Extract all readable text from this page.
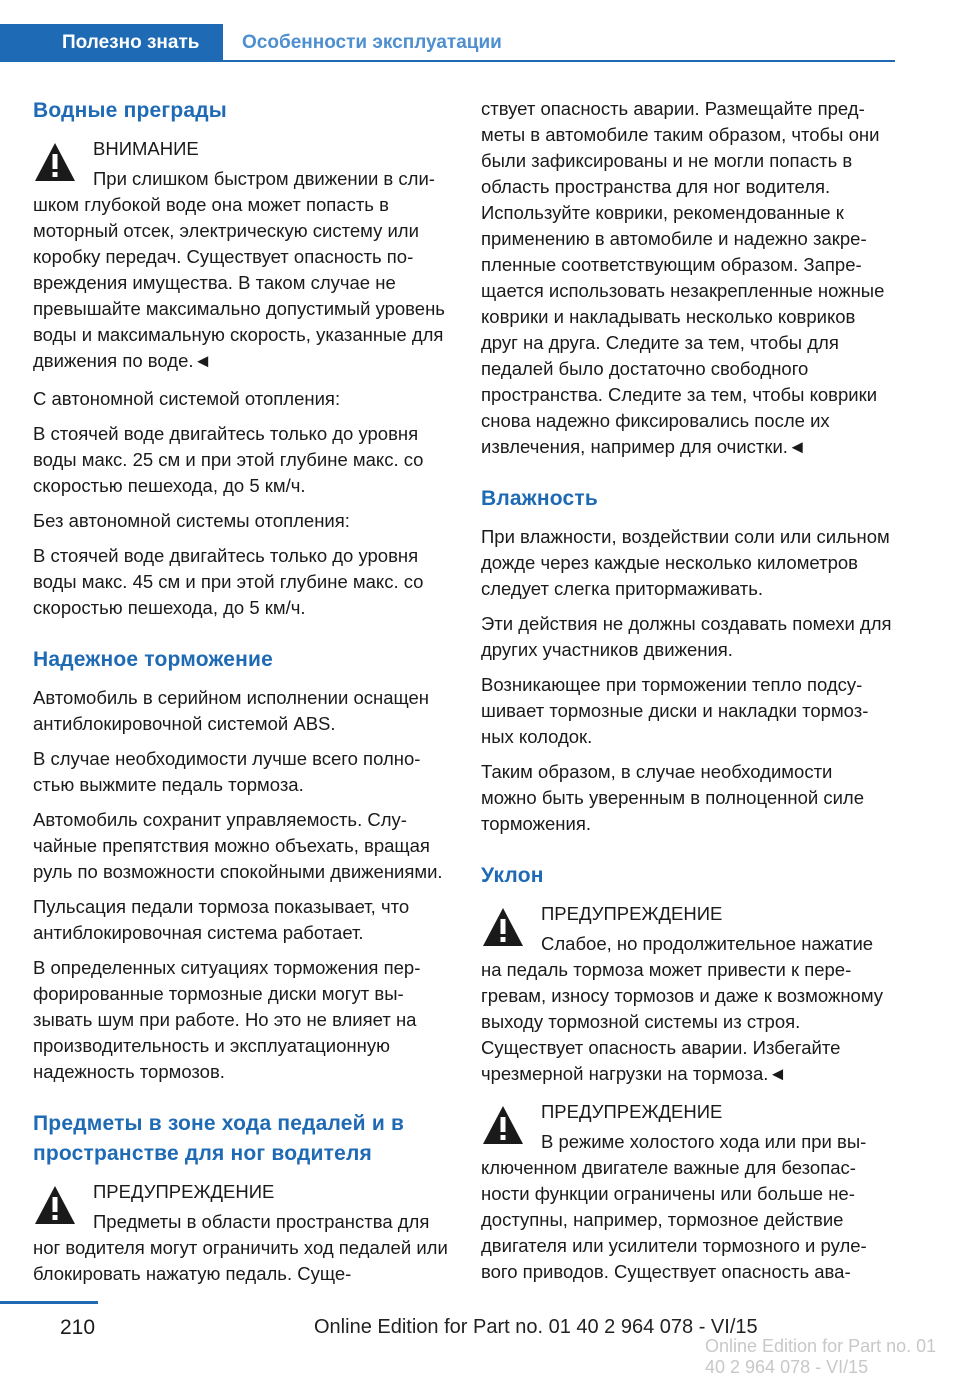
Полезно знать	Особенности эксплуатации
Водные преграды
ВНИМАНИЕ
При слишком быстром движении в слишком глубокой воде она может попасть в моторный отсек, электрическую систему или коробку передач. Существует опасность повреждения имущества. В таком случае не превышайте максимально допустимый уровень воды и максимальную скорость, указанные для движения по воде.◄

С автономной системой отопления:

В стоячей воде двигайтесь только до уровня воды макс. 25 см и при этой глубине макс. со скоростью пешехода, до 5 км/ч.

Без автономной системы отопления:

В стоячей воде двигайтесь только до уровня воды макс. 45 см и при этой глубине макс. со скоростью пешехода, до 5 км/ч.

Надежное торможение

Автомобиль в серийном исполнении оснащен антиблокировочной системой ABS.

В случае необходимости лучше всего полностью выжмите педаль тормоза.

Автомобиль сохранит управляемость. Случайные препятствия можно объехать, вращая руль по возможности спокойными движениями.

Пульсация педали тормоза показывает, что антиблокировочная система работает.

В определенных ситуациях торможения перфорированные тормозные диски могут вызывать шум при работе. Но это не влияет на производительность и эксплуатационную надежность тормозов.

Предметы в зоне хода педалей и в пространстве для ног водителя
ПРЕДУПРЕЖДЕНИЕ
Предметы в области пространства для ног водителя могут ограничить ход педалей или блокировать нажатую педаль. Суще-

ствует опасность аварии. Размещайте предметы в автомобиле таким образом, чтобы они были зафиксированы и не могли попасть в область пространства для ног водителя. Используйте коврики, рекомендованные к применению в автомобиле и надежно закрепленные соответствующим образом. Запрещается использовать незакрепленные ножные коврики и накладывать несколько ковриков друг на друга. Следите за тем, чтобы для педалей было достаточно свободного пространства. Следите за тем, чтобы коврики снова надежно фиксировались после их извлечения, например для очистки.◄

Влажность

При влажности, воздействии соли или сильном дожде через каждые несколько километров следует слегка притормаживать.

Эти действия не должны создавать помехи для других участников движения.

Возникающее при торможении тепло подсушивает тормозные диски и накладки тормозных колодок.

Таким образом, в случае необходимости можно быть уверенным в полноценной силе торможения.

Уклон
ПРЕДУПРЕЖДЕНИЕ
Слабое, но продолжительное нажатие на педаль тормоза может привести к перегревам, износу тормозов и даже к возможному выходу тормозной системы из строя. Существует опасность аварии. Избегайте чрезмерной нагрузки на тормоза.◄
ПРЕДУПРЕЖДЕНИЕ
В режиме холостого хода или при выключенном двигателе важные для безопасности функции ограничены или больше недоступны, например, тормозное действие двигателя или усилители тормозного и рулевого приводов. Существует опасность ава-
210	Online Edition for Part no. 01 40 2 964 078 - VI/15
Online Edition for Part no. 01 40 2 964 078 - VI/15
